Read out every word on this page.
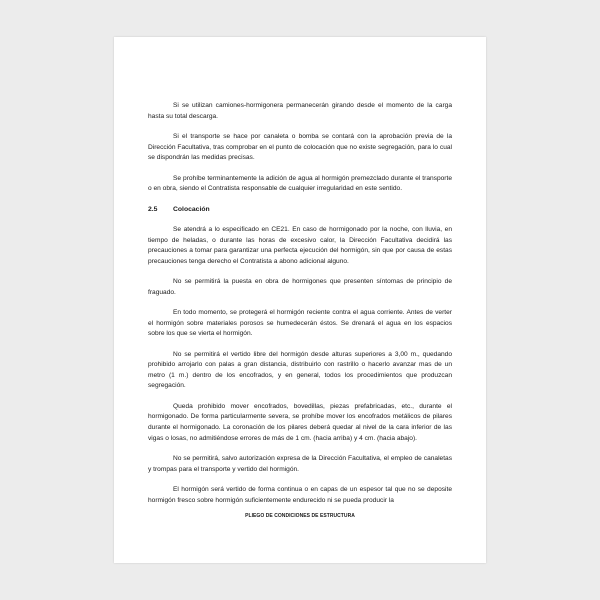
Si se utilizan camiones-hormigonera permanecerán girando desde el momento de la carga hasta su total descarga.

Si el transporte se hace por canaleta o bomba se contará con la aprobación previa de la Dirección Facultativa, tras comprobar en el punto de colocación que no existe segregación, para lo cual se dispondrán las medidas precisas.

Se prohíbe terminantemente la adición de agua al hormigón premezclado durante el transporte o en obra, siendo el Contratista responsable de cualquier irregularidad en este sentido.

2.5	Colocación

Se atendrá a lo especificado en CE21. En caso de hormigonado por la noche, con lluvia, en tiempo de heladas, o durante las horas de excesivo calor, la Dirección Facultativa decidirá las precauciones a tomar para garantizar una perfecta ejecución del hormigón, sin que por causa de estas precauciones tenga derecho el Contratista a abono adicional alguno.

No se permitirá la puesta en obra de hormigones que presenten síntomas de principio de fraguado.

En todo momento, se protegerá el hormigón reciente contra el agua corriente. Antes de verter el hormigón sobre materiales porosos se humedecerán éstos. Se drenará el agua en los espacios sobre los que se vierta el hormigón.

No se permitirá el vertido libre del hormigón desde alturas superiores a 3,00 m., quedando prohibido arrojarlo con palas a gran distancia, distribuirlo con rastrillo o hacerlo avanzar mas de un metro (1 m.) dentro de los encofrados, y en general, todos los procedimientos que produzcan segregación.

Queda prohibido mover encofrados, bovedillas, piezas prefabricadas, etc., durante el hormigonado. De forma particularmente severa, se prohíbe mover los encofrados metálicos de pilares durante el hormigonado. La coronación de los pilares deberá quedar al nivel de la cara inferior de las vigas o losas, no admitiéndose errores de más de 1 cm. (hacia arriba) y 4 cm. (hacia abajo).

No se permitirá, salvo autorización expresa de la Dirección Facultativa, el empleo de canaletas y trompas para el transporte y vertido del hormigón.

El hormigón será vertido de forma continua o en capas de un espesor tal que no se deposite hormigón fresco sobre hormigón suficientemente endurecido ni se pueda producir la

PLIEGO DE CONDICIONES DE ESTRUCTURA
